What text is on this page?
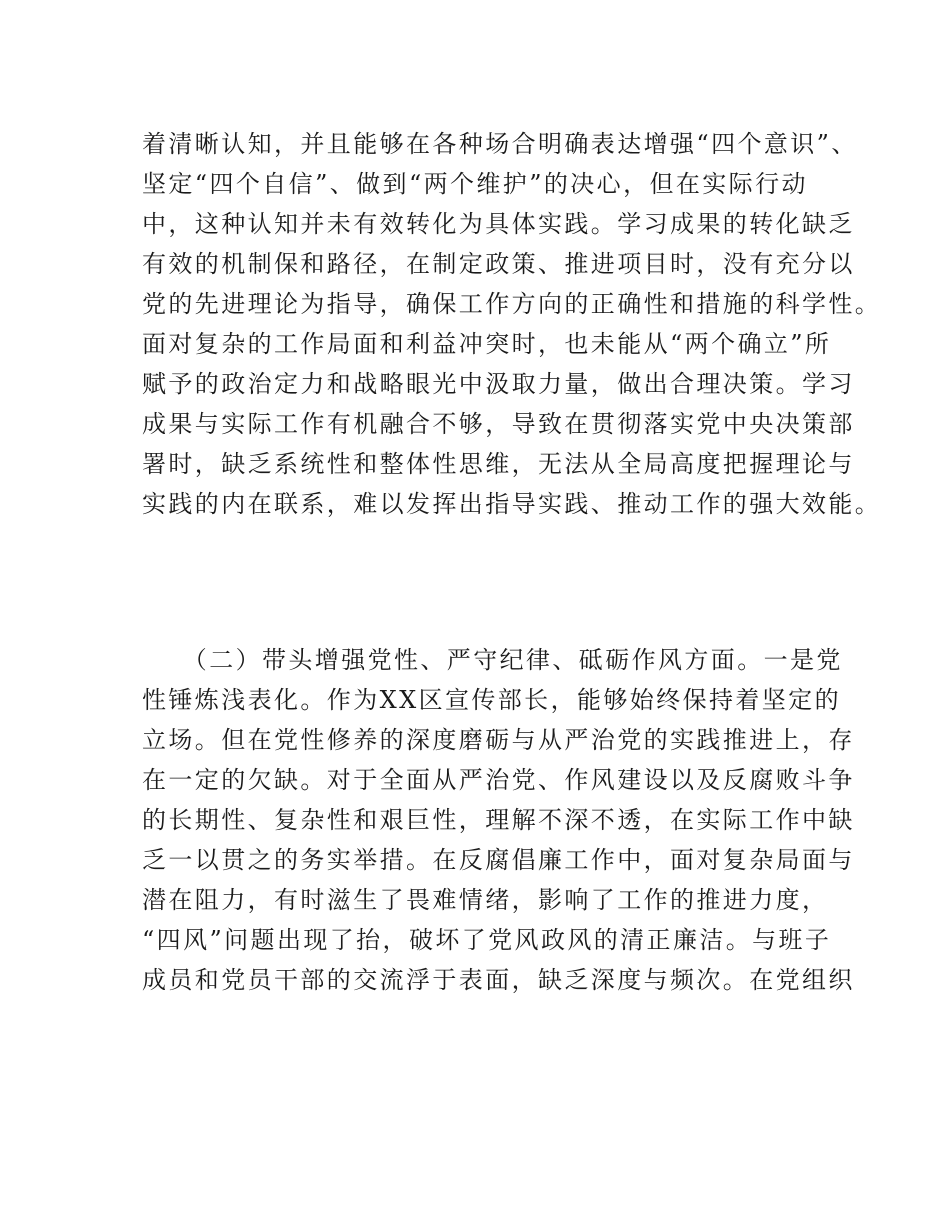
着清晰认知，并且能够在各种场合明确表达增强“四个意识”、

坚定“四个自信”、做到“两个维护”的决心，但在实际行动

中，这种认知并未有效转化为具体实践。学习成果的转化缺乏

有效的机制保和路径，在制定政策、推进项目时，没有充分以

党的先进理论为指导，确保工作方向的正确性和措施的科学性。

面对复杂的工作局面和利益冲突时，也未能从“两个确立”所

赋予的政治定力和战略眼光中汲取力量，做出合理决策。学习

成果与实际工作有机融合不够，导致在贯彻落实党中央决策部

署时，缺乏系统性和整体性思维，无法从全局高度把握理论与

实践的内在联系，难以发挥出指导实践、推动工作的强大效能。

　　（二）带头增强党性、严守纪律、砥砺作风方面。一是党

性锤炼浅表化。作为XX区宣传部长，能够始终保持着坚定的

立场。但在党性修养的深度磨砺与从严治党的实践推进上，存

在一定的欠缺。对于全面从严治党、作风建设以及反腐败斗争

的长期性、复杂性和艰巨性，理解不深不透，在实际工作中缺

乏一以贯之的务实举措。在反腐倡廉工作中，面对复杂局面与

潜在阻力，有时滋生了畏难情绪，影响了工作的推进力度，

“四风”问题出现了抬，破坏了党风政风的清正廉洁。与班子

成员和党员干部的交流浮于表面，缺乏深度与频次。在党组织
